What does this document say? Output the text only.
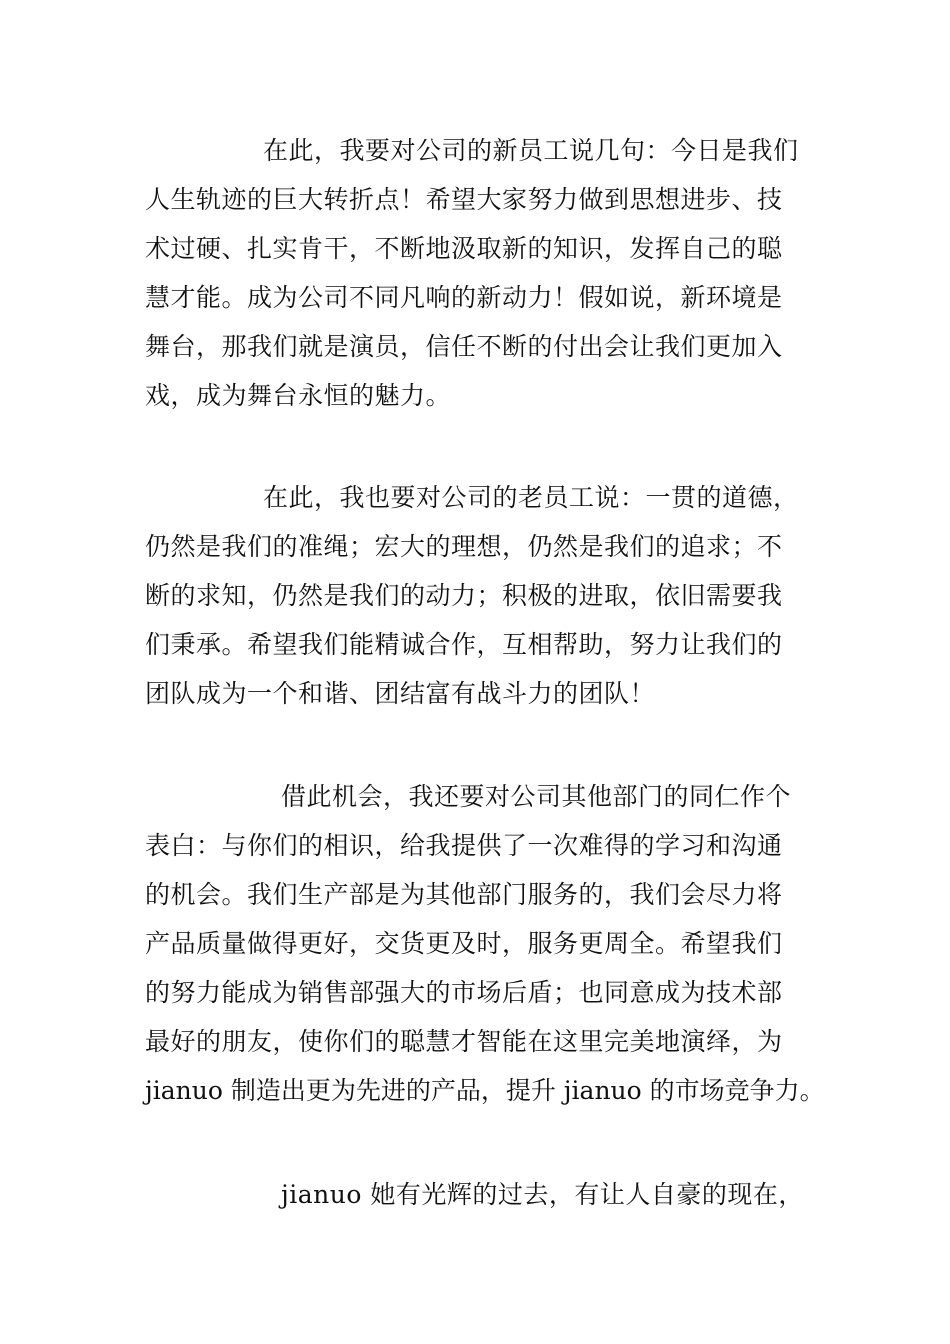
在此，我要对公司的新员工说几句：今日是我们
人生轨迹的巨大转折点！希望大家努力做到思想进步、技
术过硬、扎实肯干，不断地汲取新的知识，发挥自己的聪
慧才能。成为公司不同凡响的新动力！假如说，新环境是
舞台，那我们就是演员，信任不断的付出会让我们更加入
戏，成为舞台永恒的魅力。
在此，我也要对公司的老员工说：一贯的道德，
仍然是我们的准绳；宏大的理想，仍然是我们的追求；不
断的求知，仍然是我们的动力；积极的进取，依旧需要我
们秉承。希望我们能精诚合作，互相帮助，努力让我们的
团队成为一个和谐、团结富有战斗力的团队！
借此机会，我还要对公司其他部门的同仁作个
表白：与你们的相识，给我提供了一次难得的学习和沟通
的机会。我们生产部是为其他部门服务的，我们会尽力将
产品质量做得更好，交货更及时，服务更周全。希望我们
的努力能成为销售部强大的市场后盾；也同意成为技术部
最好的朋友，使你们的聪慧才智能在这里完美地演绎，为
jianuo 制造出更为先进的产品，提升 jianuo 的市场竞争力。
jianuo 她有光辉的过去，有让人自豪的现在，
